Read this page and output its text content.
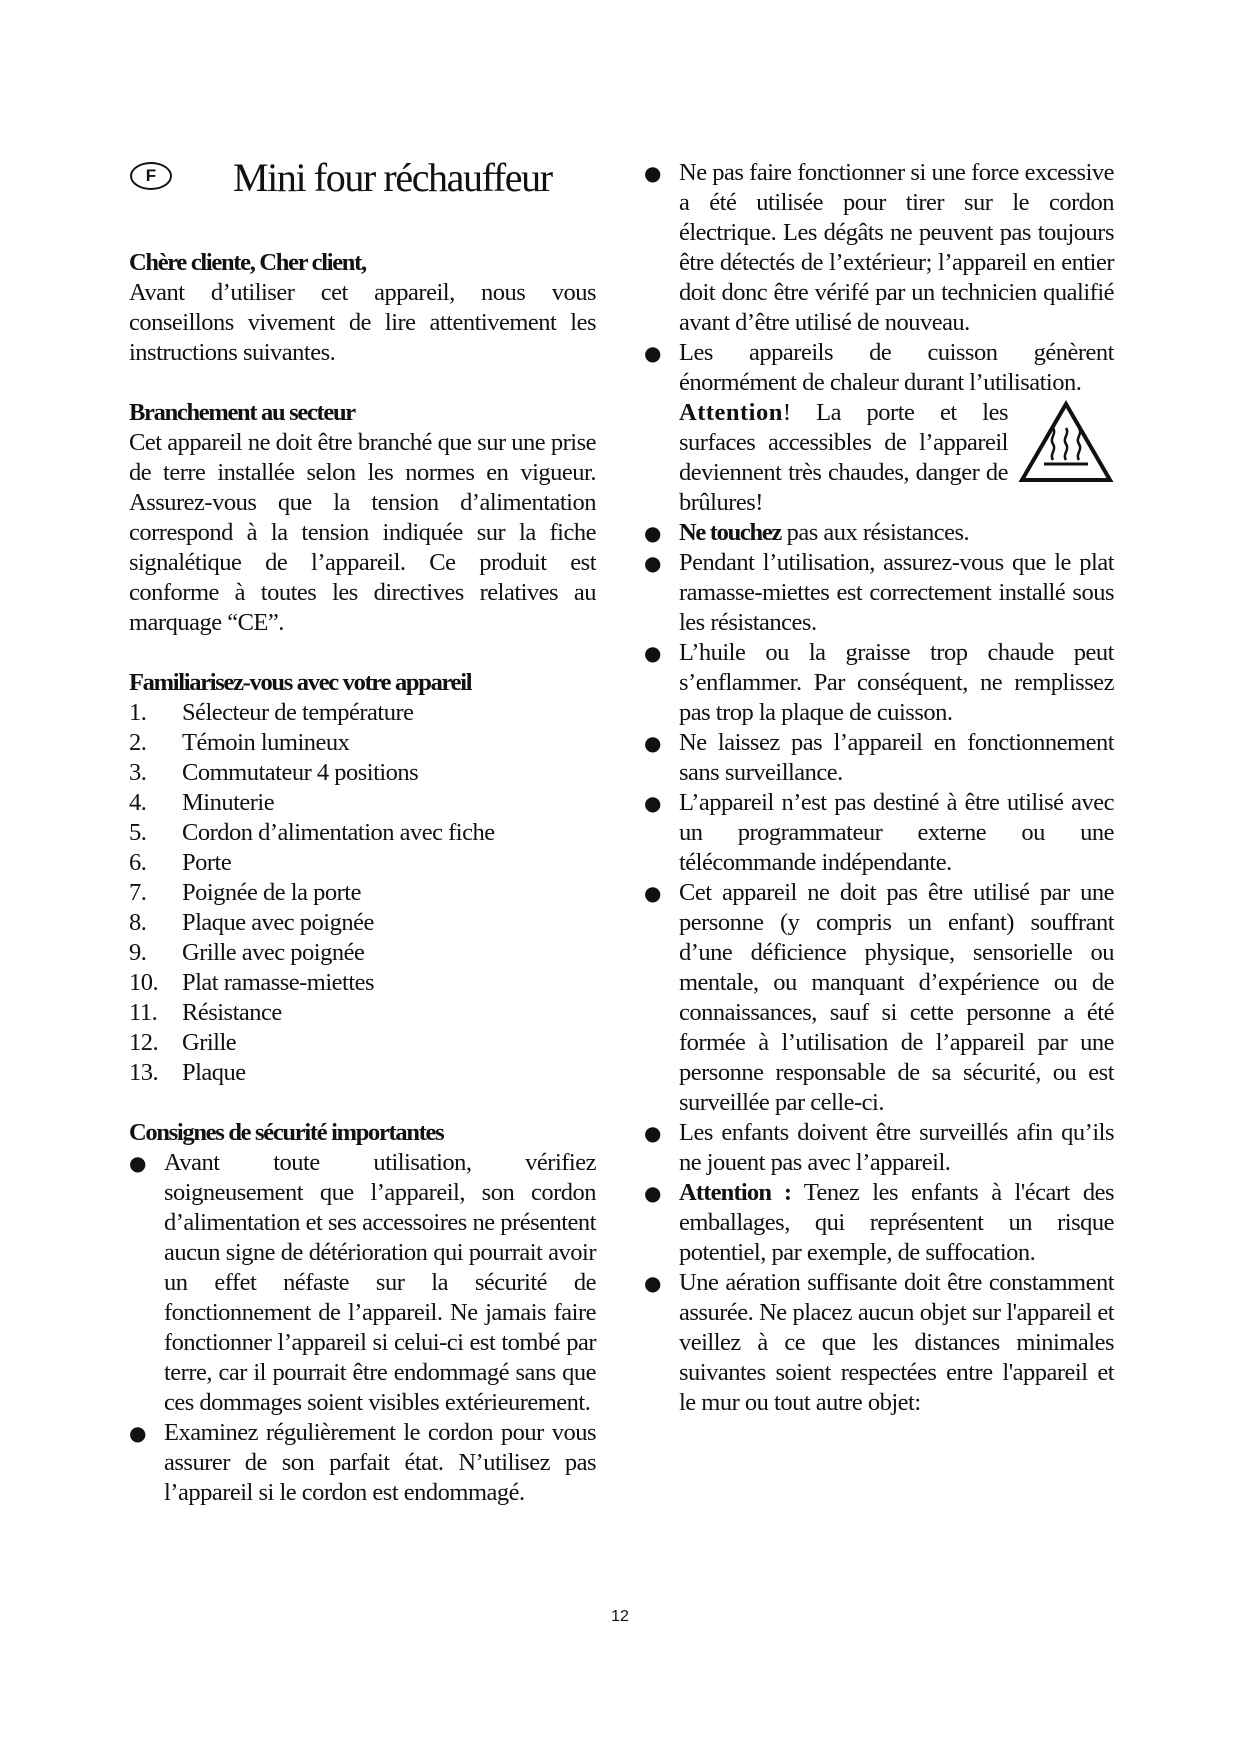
F Mini four réchauffeur
Chère cliente, Cher client,

Avant d’utiliser cet appareil, nous vous conseillons vivement de lire attentivement les instructions suivantes.

Branchement au secteur

Cet appareil ne doit être branché que sur une prise de terre installée selon les normes en vigueur. Assurez-vous que la tension d’alimentation correspond à la tension indiquée sur la fiche signalétique de l’appareil. Ce produit est conforme à toutes les directives relatives au marquage “CE”.

Familiarisez-vous avec votre appareil
1.	Sélecteur de température
2.	Témoin lumineux
3.	Commutateur 4 positions
4.	Minuterie
5.	Cordon d’alimentation avec fiche
6.	Porte
7.	Poignée de la porte
8.	Plaque avec poignée
9.	Grille avec poignée
10. Plat ramasse-miettes
11.	Résistance
12. Grille
13. Plaque
Consignes de sécurité importantes
● Avant toute utilisation, vérifiez soigneusement que l’appareil, son cordon d’alimentation et ses accessoires ne présentent aucun signe de détérioration qui pourrait avoir un effet néfaste sur la sécurité de fonctionnement de l’appareil. Ne jamais faire fonctionner l’appareil si celui-ci est tombé par terre, car il pourrait être endommagé sans que ces dommages soient visibles extérieurement.
● Examinez régulièrement le cordon pour vous assurer de son parfait état. N’utilisez pas l’appareil si le cordon est endommagé.
● Ne pas faire fonctionner si une force excessive a été utilisée pour tirer sur le cordon électrique. Les dégâts ne peuvent pas toujours être détectés de l’extérieur; l’appareil en entier doit donc être vérifé par un technicien qualifié avant d’être utilisé de nouveau.
● Les appareils de cuisson génèrent énormément de chaleur durant l’utilisation.
Attention! La porte et les surfaces accessibles de l’appareil deviennent très chaudes, danger de brûlures!
● Ne touchez pas aux résistances.
● Pendant l’utilisation, assurez-vous que le plat ramasse-miettes est correctement installé sous les résistances.
● L’huile ou la graisse trop chaude peut s’enflammer. Par conséquent, ne remplissez pas trop la plaque de cuisson.
● Ne laissez pas l’appareil en fonctionnement sans surveillance.
● L’appareil n’est pas destiné à être utilisé avec un programmateur externe ou une télécommande indépendante.
● Cet appareil ne doit pas être utilisé par une personne (y compris un enfant) souffrant d’une déficience physique, sensorielle ou mentale, ou manquant d’expérience ou de connaissances, sauf si cette personne a été formée à l’utilisation de l’appareil par une personne responsable de sa sécurité, ou est surveillée par celle-ci.
● Les enfants doivent être surveillés afin qu’ils ne jouent pas avec l’appareil.
● Attention : Tenez les enfants à l'écart des emballages, qui représentent un risque potentiel, par exemple, de suffocation.
● Une aération suffisante doit être constamment assurée. Ne placez aucun objet sur l'appareil et veillez à ce que les distances minimales suivantes soient respectées entre l'appareil et le mur ou tout autre objet:
12
